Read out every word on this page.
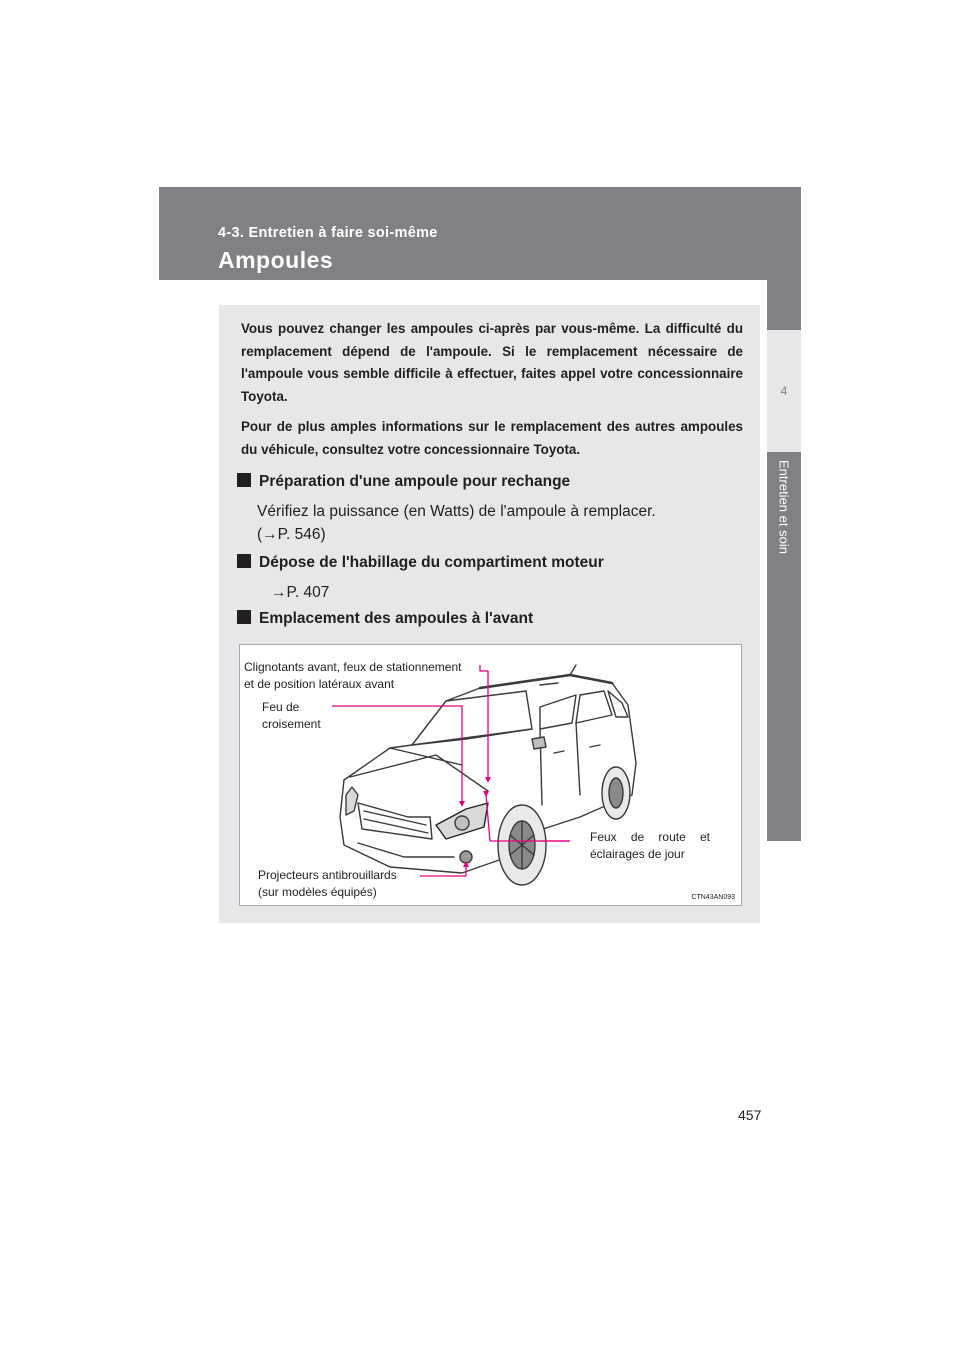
4-3. Entretien à faire soi-même
Ampoules
4
Entretien et soin

Vous pouvez changer les ampoules ci-après par vous-même. La difficulté du remplacement dépend de l'ampoule. Si le remplacement nécessaire de l'ampoule vous semble difficile à effectuer, faites appel votre concessionnaire Toyota.

Pour de plus amples informations sur le remplacement des autres ampoules du véhicule, consultez votre concessionnaire Toyota.

Préparation d'une ampoule pour rechange
Vérifiez la puissance (en Watts) de l'ampoule à remplacer.
(→P. 546)
Dépose de l'habillage du compartiment moteur
→P. 407
Emplacement des ampoules à l'avant
Clignotants avant, feux de stationnement
et de position latéraux avant
Feu de
croisement
Feux de route et
éclairages de jour
Projecteurs antibrouillards
(sur modèles équipés)	CTN43AN093
457
